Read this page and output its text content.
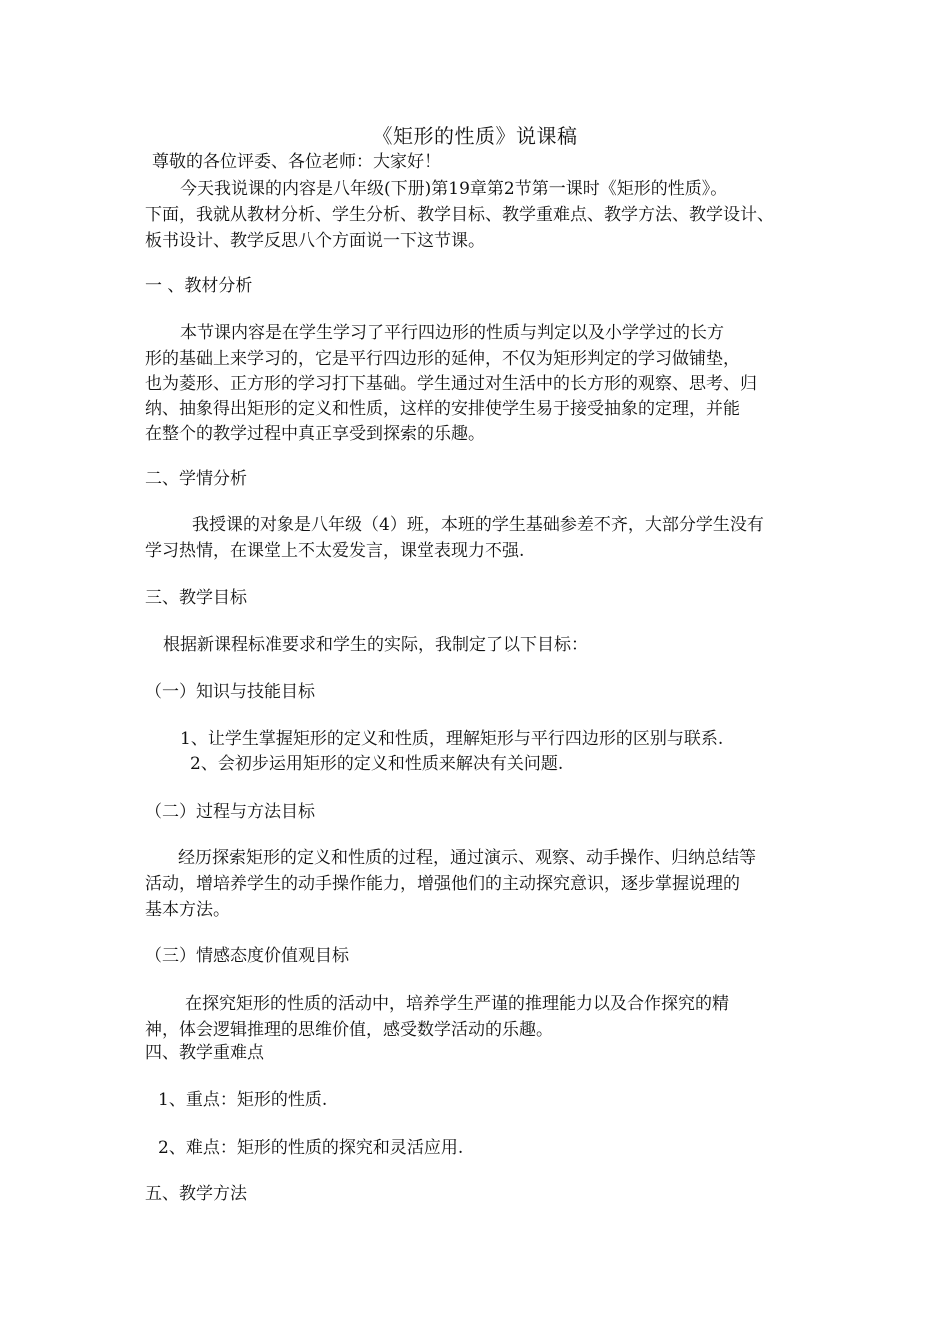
《矩形的性质》说课稿
尊敬的各位评委、各位老师：大家好！
今天我说课的内容是八年级(下册)第19章第2节第一课时《矩形的性质》。
下面，我就从教材分析、学生分析、教学目标、教学重难点、教学方法、教学设计、
板书设计、教学反思八个方面说一下这节课。
一 、教材分析
本节课内容是在学生学习了平行四边形的性质与判定以及小学学过的长方
形的基础上来学习的，它是平行四边形的延伸，不仅为矩形判定的学习做铺垫，
也为菱形、正方形的学习打下基础。学生通过对生活中的长方形的观察、思考、归
纳、抽象得出矩形的定义和性质，这样的安排使学生易于接受抽象的定理，并能
在整个的教学过程中真正享受到探索的乐趣。
二、学情分析
我授课的对象是八年级（4）班，本班的学生基础参差不齐，大部分学生没有
学习热情，在课堂上不太爱发言，课堂表现力不强.
三、教学目标
根据新课程标准要求和学生的实际，我制定了以下目标：
（一）知识与技能目标
1、让学生掌握矩形的定义和性质，理解矩形与平行四边形的区别与联系.
2、会初步运用矩形的定义和性质来解决有关问题.
（二）过程与方法目标
经历探索矩形的定义和性质的过程，通过演示、观察、动手操作、归纳总结等
活动，增培养学生的动手操作能力，增强他们的主动探究意识，逐步掌握说理的
基本方法。
（三）情感态度价值观目标
在探究矩形的性质的活动中，培养学生严谨的推理能力以及合作探究的精
神，体会逻辑推理的思维价值，感受数学活动的乐趣。
四、教学重难点
1、重点：矩形的性质.
2、难点：矩形的性质的探究和灵活应用.
五、教学方法
